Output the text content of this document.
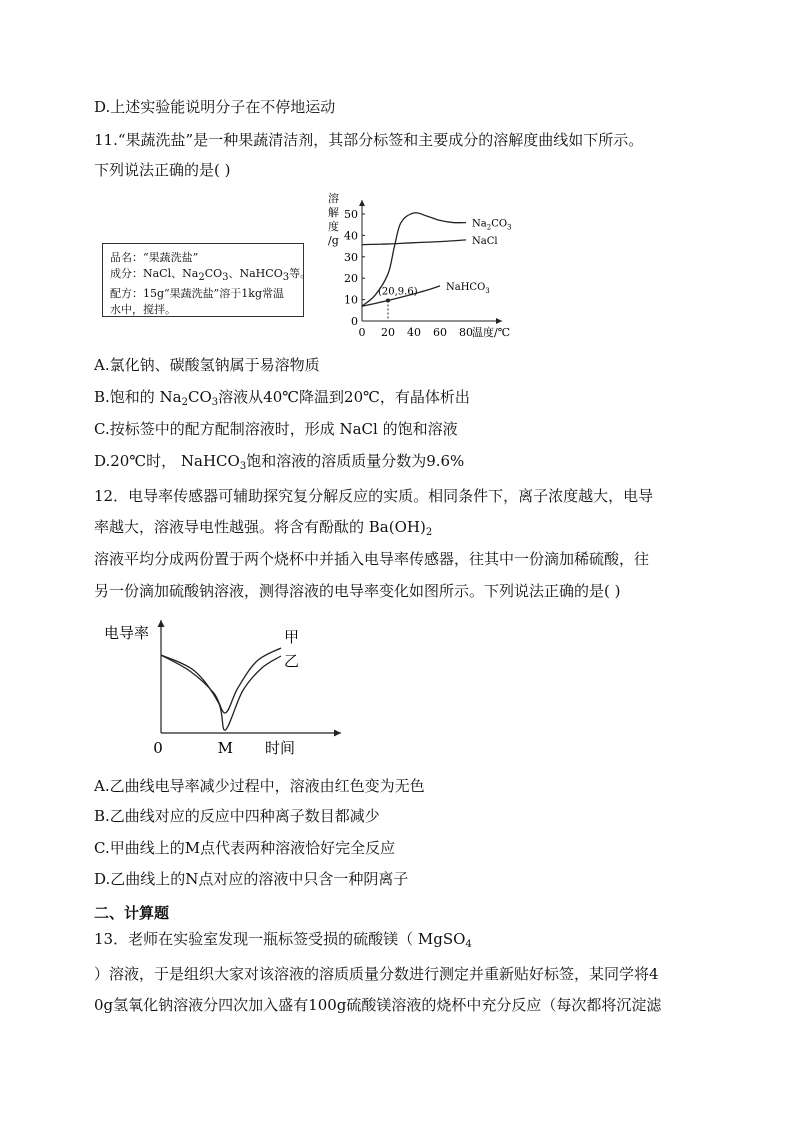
D.上述实验能说明分子在不停地运动
11.“果蔬洗盐”是一种果蔬清洁剂，其部分标签和主要成分的溶解度曲线如下所示。
下列说法正确的是( )
品名：“果蔬洗盐”
成分：NaCl、Na2CO3、NaHCO3等。
配方：15g“果蔬洗盐”溶于1kg常温
水中，搅拌。
溶
解
度
/g
0
10
20
30
40
50
0 20 40 60 80 温度/℃
$Na_2CO_3$
NaCl
NaHCO$_3$
(20,9.6)
A.氯化钠、碳酸氢钠属于易溶物质
B.饱和的 $Na_2CO_3$溶液从40℃降温到20℃，有晶体析出
C.按标签中的配方配制溶液时，形成 NaCl 的饱和溶液
D.20℃时， NaHCO$_3$饱和溶液的溶质质量分数为9.6%
12．电导率传感器可辅助探究复分解反应的实质。相同条件下，离子浓度越大，电导
率越大，溶液导电性越强。将含有酚酞的 $Ba(OH)_2$
溶液平均分成两份置于两个烧杯中并插入电导率传感器，往其中一份滴加稀硫酸，往
另一份滴加硫酸钠溶液，测得溶液的电导率变化如图所示。下列说法正确的是( )
电导率
0	M 时间
甲
乙
A.乙曲线电导率减少过程中，溶液由红色变为无色
B.乙曲线对应的反应中四种离子数目都减少
C.甲曲线上的M点代表两种溶液恰好完全反应
D.乙曲线上的N点对应的溶液中只含一种阴离子
二、计算题
13．老师在实验室发现一瓶标签受损的硫酸镁（ MgSO$_4$
）溶液，于是组织大家对该溶液的溶质质量分数进行测定并重新贴好标签，某同学将4
0g氢氧化钠溶液分四次加入盛有100g硫酸镁溶液的烧杯中充分反应（每次都将沉淀滤
